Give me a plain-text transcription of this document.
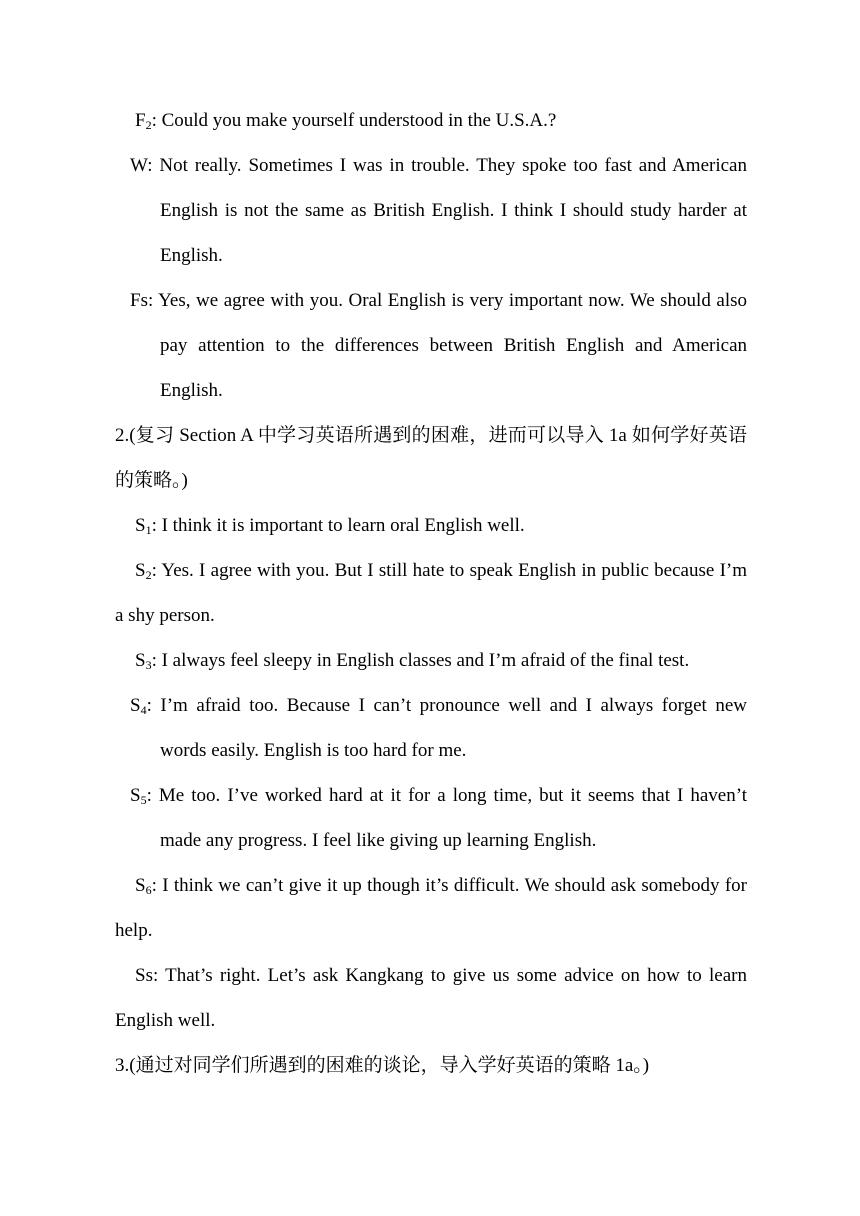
$F_2$: Could you make yourself understood in the U.S.A.?
W: Not really. Sometimes I was in trouble. They spoke too fast and American English is not the same as British English. I think I should study harder at English.
Fs: Yes, we agree with you. Oral English is very important now. We should also pay attention to the differences between British English and American English.
2.(复习 Section A 中学习英语所遇到的困难，进而可以导入 1a 如何学好英语的策略。)
$S_1$: I think it is important to learn oral English well.
$S_2$: Yes. I agree with you. But I still hate to speak English in public because I’m a shy person.
$S_3$: I always feel sleepy in English classes and I’m afraid of the final test.
$S_4$: I’m afraid too. Because I can’t pronounce well and I always forget new words easily. English is too hard for me.
$S_5$: Me too. I’ve worked hard at it for a long time, but it seems that I haven’t made any progress. I feel like giving up learning English.
$S_6$: I think we can’t give it up though it’s difficult. We should ask somebody for help.
Ss: That’s right. Let’s ask Kangkang to give us some advice on how to learn English well.
3.(通过对同学们所遇到的困难的谈论，导入学好英语的策略 1a。)
